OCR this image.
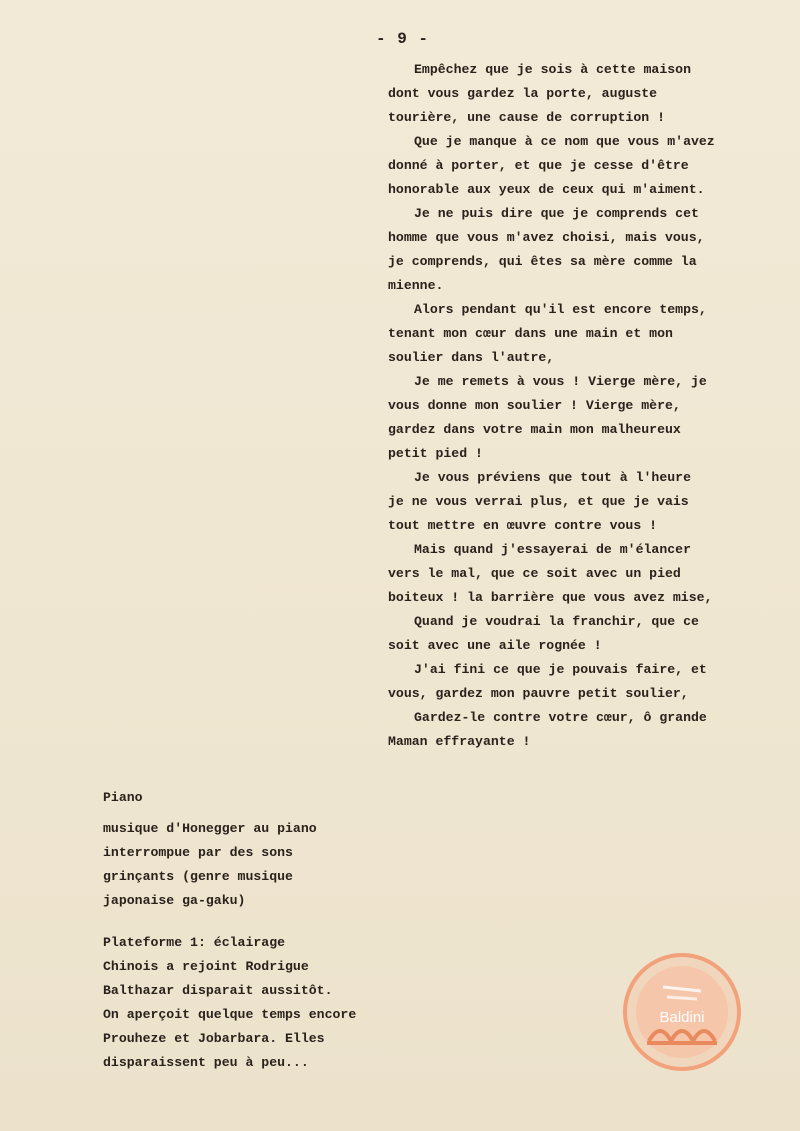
- 9 -
Empêchez que je sois à cette maison
dont vous gardez la porte, auguste
tourière, une cause de corruption !
Que je manque à ce nom que vous m'avez
donné à porter, et que je cesse d'être
honorable aux yeux de ceux qui m'aiment.
Je ne puis dire que je comprends cet
homme que vous m'avez choisi, mais vous,
je comprends, qui êtes sa mère comme la
mienne.
Alors pendant qu'il est encore temps,
tenant mon cœur dans une main et mon
soulier dans l'autre,
Je me remets à vous ! Vierge mère, je
vous donne mon soulier ! Vierge mère,
gardez dans votre main mon malheureux
petit pied !
Je vous préviens que tout à l'heure
je ne vous verrai plus, et que je vais
tout mettre en œuvre contre vous !
Mais quand j'essayerai de m'élancer
vers le mal, que ce soit avec un pied
boiteux ! la barrière que vous avez mise,
Quand je voudrai la franchir, que ce
soit avec une aile rognée !
J'ai fini ce que je pouvais faire, et
vous, gardez mon pauvre petit soulier,
Gardez-le contre votre cœur, ô grande
Maman effrayante !
Piano
musique d'Honegger au piano
interrompue par des sons
grinçants (genre musique
japonaise ga-gaku)
Plateforme 1: éclairage
Chinois a rejoint Rodrigue
Balthazar disparait aussitôt.
On aperçoit quelque temps encore
Prouheze et Jobarbara. Elles
disparaissent peu à peu...
Baldini
